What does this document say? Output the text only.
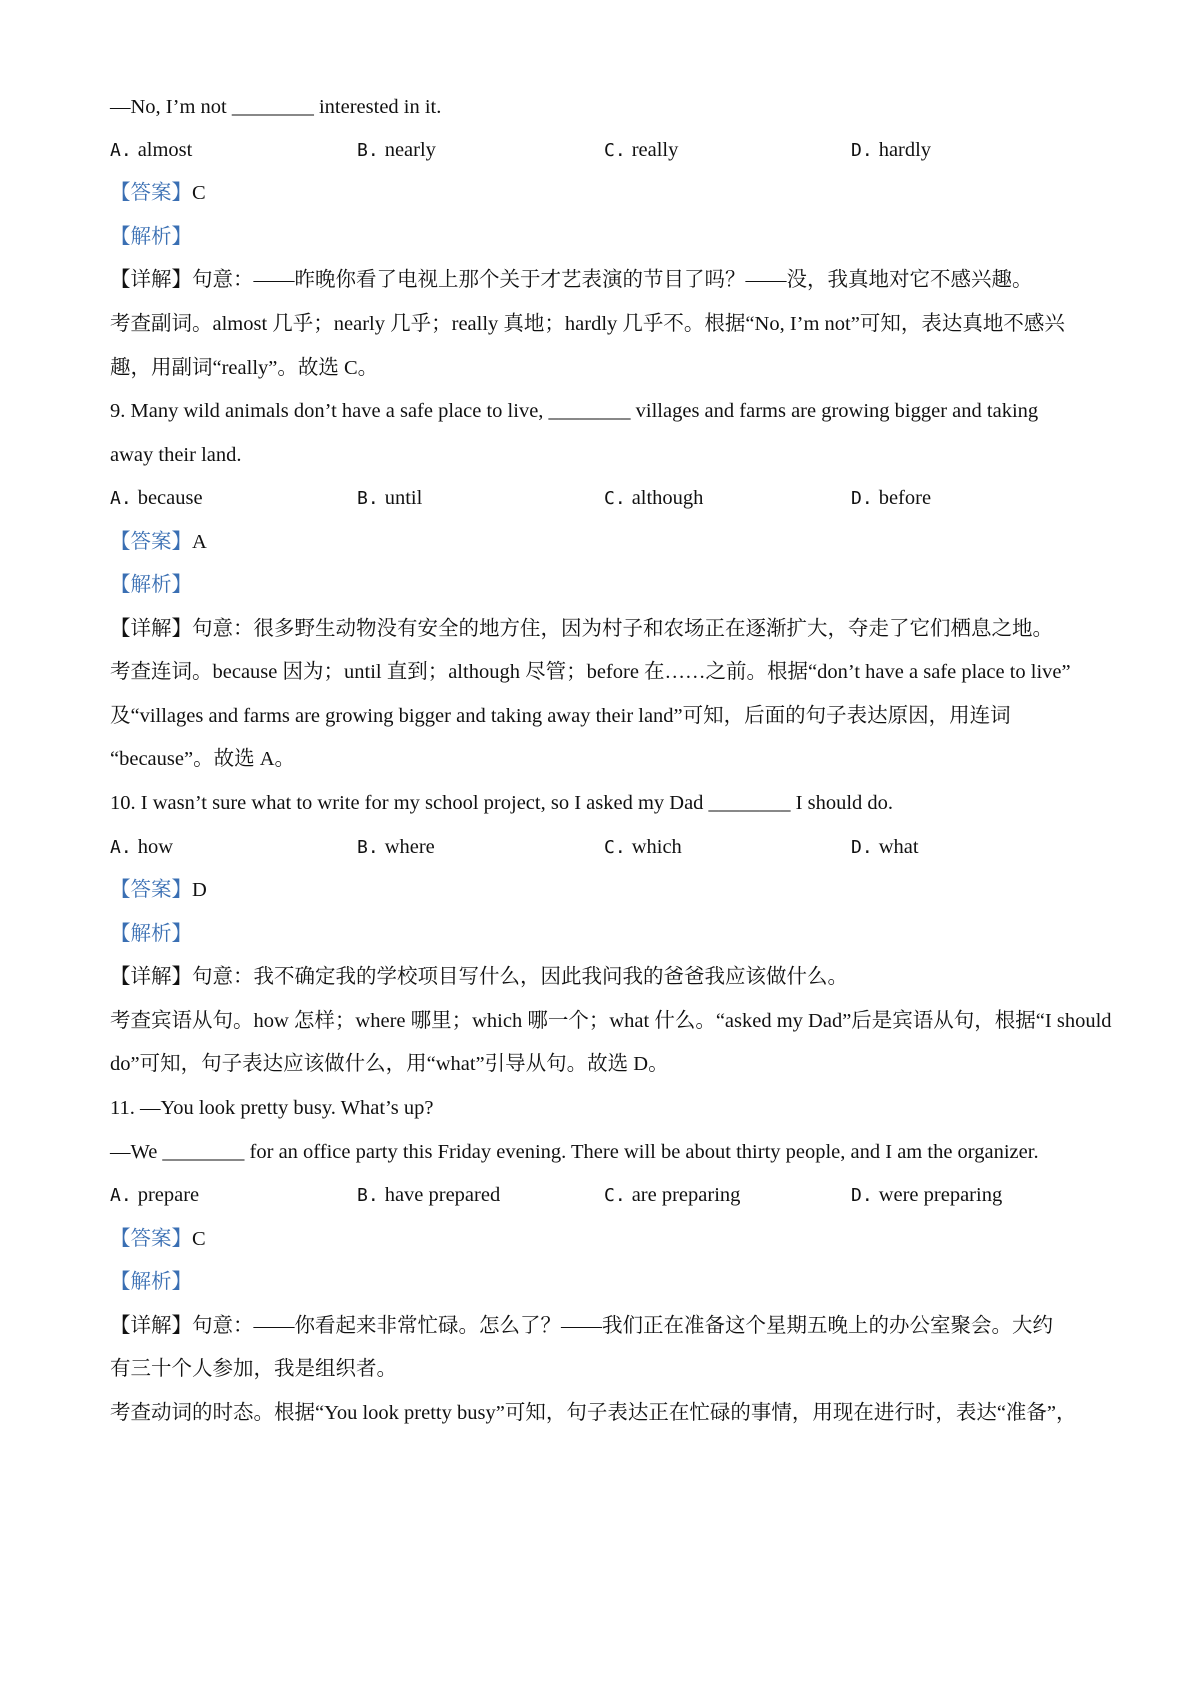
—No, I’m not ________ interested in it.
A. almost	B. nearly	C. really	D. hardly
【答案】C
【解析】
【详解】句意：——昨晚你看了电视上那个关于才艺表演的节目了吗？——没，我真地对它不感兴趣。
考查副词。almost 几乎；nearly 几乎；really 真地；hardly 几乎不。根据“No, I’m not”可知，表达真地不感兴
趣，用副词“really”。故选 C。
9. Many wild animals don’t have a safe place to live, ________ villages and farms are growing bigger and taking
away their land.
A. because	B. until	C. although	D. before
【答案】A
【解析】
【详解】句意：很多野生动物没有安全的地方住，因为村子和农场正在逐渐扩大，夺走了它们栖息之地。
考查连词。because 因为；until 直到；although 尽管；before 在……之前。根据“don’t have a safe place to live”
及“villages and farms are growing bigger and taking away their land”可知，后面的句子表达原因，用连词
“because”。故选 A。
10. I wasn’t sure what to write for my school project, so I asked my Dad ________ I should do.
A. how	B. where	C. which	D. what
【答案】D
【解析】
【详解】句意：我不确定我的学校项目写什么，因此我问我的爸爸我应该做什么。
考查宾语从句。how 怎样；where 哪里；which 哪一个；what 什么。“asked my Dad”后是宾语从句，根据“I should
do”可知，句子表达应该做什么，用“what”引导从句。故选 D。
11. —You look pretty busy. What’s up?
—We ________ for an office party this Friday evening. There will be about thirty people, and I am the organizer.
A. prepare	B. have prepared	C. are preparing	D. were preparing
【答案】C
【解析】
【详解】句意：——你看起来非常忙碌。怎么了？——我们正在准备这个星期五晚上的办公室聚会。大约
有三十个人参加，我是组织者。
考查动词的时态。根据“You look pretty busy”可知，句子表达正在忙碌的事情，用现在进行时，表达“准备”，
